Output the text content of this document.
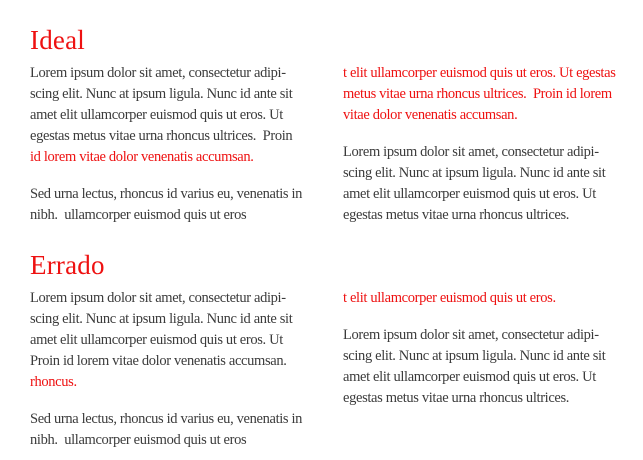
Ideal
Lorem ipsum dolor sit amet, consectetur adipi-
scing elit. Nunc at ipsum ligula. Nunc id ante sit
amet elit ullamcorper euismod quis ut eros. Ut
egestas metus vitae urna rhoncus ultrices.  Proin
id lorem vitae dolor venenatis accumsan.
Sed urna lectus, rhoncus id varius eu, venenatis in
nibh.  ullamcorper euismod quis ut eros
t elit ullamcorper euismod quis ut eros. Ut egestas
metus vitae urna rhoncus ultrices.  Proin id lorem
vitae dolor venenatis accumsan.
Lorem ipsum dolor sit amet, consectetur adipi-
scing elit. Nunc at ipsum ligula. Nunc id ante sit
amet elit ullamcorper euismod quis ut eros. Ut
egestas metus vitae urna rhoncus ultrices.
Errado
Lorem ipsum dolor sit amet, consectetur adipi-
scing elit. Nunc at ipsum ligula. Nunc id ante sit
amet elit ullamcorper euismod quis ut eros. Ut
Proin id lorem vitae dolor venenatis accumsan.
rhoncus.
Sed urna lectus, rhoncus id varius eu, venenatis in
nibh.  ullamcorper euismod quis ut eros
t elit ullamcorper euismod quis ut eros.
Lorem ipsum dolor sit amet, consectetur adipi-
scing elit. Nunc at ipsum ligula. Nunc id ante sit
amet elit ullamcorper euismod quis ut eros. Ut
egestas metus vitae urna rhoncus ultrices.
